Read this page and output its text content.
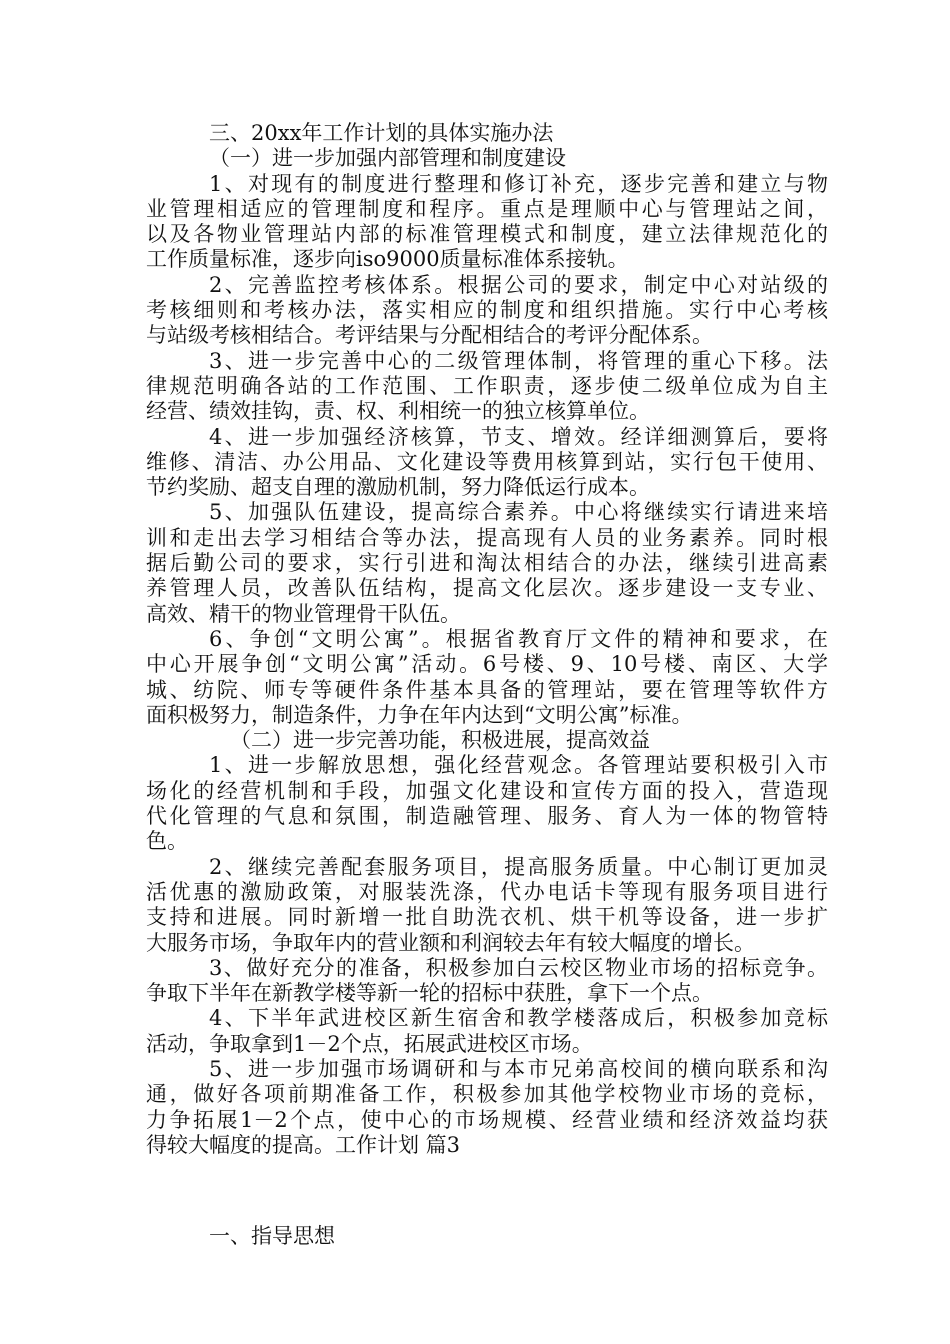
三、20xx年工作计划的具体实施办法
（一）进一步加强内部管理和制度建设
1、对现有的制度进行整理和修订补充，逐步完善和建立与物
业管理相适应的管理制度和程序。重点是理顺中心与管理站之间，
以及各物业管理站内部的标准管理模式和制度，建立法律规范化的
工作质量标准，逐步向iso9000质量标准体系接轨。
2、完善监控考核体系。根据公司的要求，制定中心对站级的
考核细则和考核办法，落实相应的制度和组织措施。实行中心考核
与站级考核相结合。考评结果与分配相结合的考评分配体系。
3、进一步完善中心的二级管理体制，将管理的重心下移。法
律规范明确各站的工作范围、工作职责，逐步使二级单位成为自主
经营、绩效挂钩，责、权、利相统一的独立核算单位。
4、进一步加强经济核算，节支、增效。经详细测算后，要将
维修、清洁、办公用品、文化建设等费用核算到站，实行包干使用、
节约奖励、超支自理的激励机制，努力降低运行成本。
5、加强队伍建设，提高综合素养。中心将继续实行请进来培
训和走出去学习相结合等办法，提高现有人员的业务素养。同时根
据后勤公司的要求，实行引进和淘汰相结合的办法，继续引进高素
养管理人员，改善队伍结构，提高文化层次。逐步建设一支专业、
高效、精干的物业管理骨干队伍。
6、争创“文明公寓”。根据省教育厅文件的精神和要求，在
中心开展争创“文明公寓”活动。6号楼、9、10号楼、南区、大学
城、纺院、师专等硬件条件基本具备的管理站，要在管理等软件方
面积极努力，制造条件，力争在年内达到“文明公寓”标准。
（二）进一步完善功能，积极进展，提高效益
1、进一步解放思想，强化经营观念。各管理站要积极引入市
场化的经营机制和手段，加强文化建设和宣传方面的投入，营造现
代化管理的气息和氛围，制造融管理、服务、育人为一体的物管特
色。
2、继续完善配套服务项目，提高服务质量。中心制订更加灵
活优惠的激励政策，对服装洗涤，代办电话卡等现有服务项目进行
支持和进展。同时新增一批自助洗衣机、烘干机等设备，进一步扩
大服务市场，争取年内的营业额和利润较去年有较大幅度的增长。
3、做好充分的准备，积极参加白云校区物业市场的招标竞争。
争取下半年在新教学楼等新一轮的招标中获胜，拿下一个点。
4、下半年武进校区新生宿舍和教学楼落成后，积极参加竞标
活动，争取拿到1－2个点，拓展武进校区市场。
5、进一步加强市场调研和与本市兄弟高校间的横向联系和沟
通，做好各项前期准备工作，积极参加其他学校物业市场的竞标，
力争拓展1－2个点，使中心的市场规模、经营业绩和经济效益均获
得较大幅度的提高。工作计划 篇3
一、指导思想
